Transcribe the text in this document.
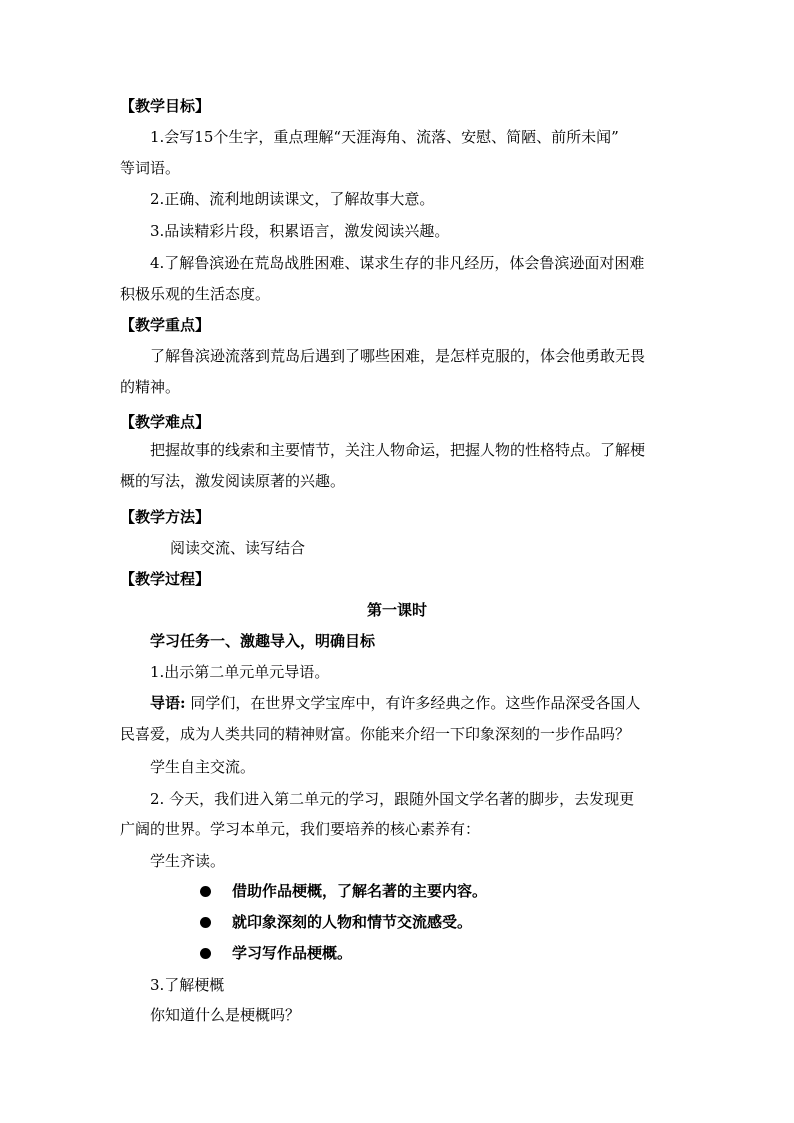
【教学目标】
1.会写15个生字，重点理解“天涯海角、流落、安慰、简陋、前所未闻”
等词语。
2.正确、流利地朗读课文，了解故事大意。
3.品读精彩片段，积累语言，激发阅读兴趣。
4.了解鲁滨逊在荒岛战胜困难、谋求生存的非凡经历，体会鲁滨逊面对困难
积极乐观的生活态度。
【教学重点】
了解鲁滨逊流落到荒岛后遇到了哪些困难，是怎样克服的，体会他勇敢无畏
的精神。
【教学难点】
把握故事的线索和主要情节，关注人物命运，把握人物的性格特点。了解梗
概的写法，激发阅读原著的兴趣。
【教学方法】
阅读交流、读写结合
【教学过程】
第一课时
学习任务一、激趣导入，明确目标
1.出示第二单元单元导语。
导语: 同学们，在世界文学宝库中，有许多经典之作。这些作品深受各国人
民喜爱，成为人类共同的精神财富。你能来介绍一下印象深刻的一步作品吗？
学生自主交流。
2. 今天，我们进入第二单元的学习，跟随外国文学名著的脚步，去发现更
广阔的世界。学习本单元，我们要培养的核心素养有：
学生齐读。
借助作品梗概，了解名著的主要内容。
就印象深刻的人物和情节交流感受。
学习写作品梗概。
3.了解梗概
你知道什么是梗概吗？
